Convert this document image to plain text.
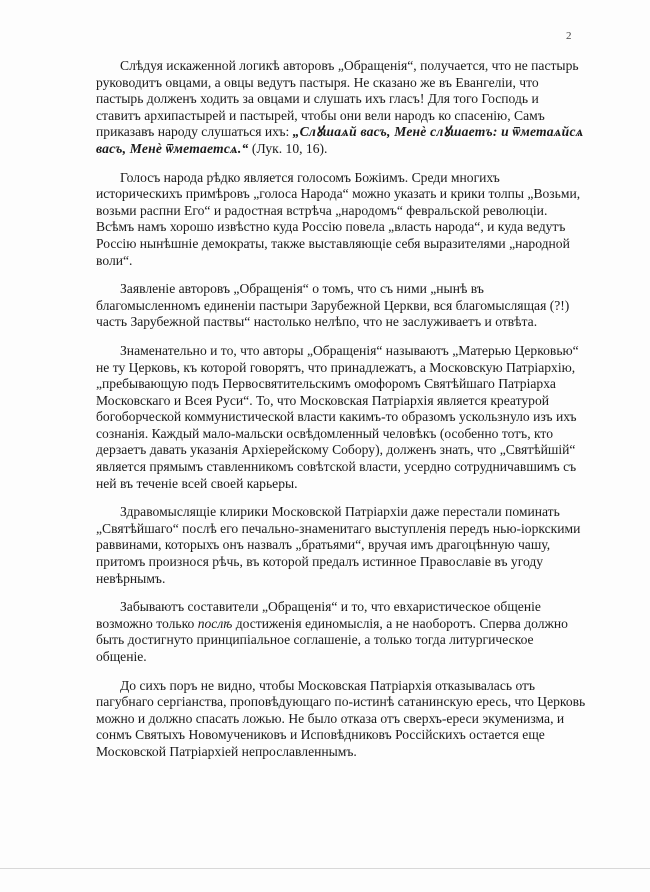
2

Слѣдуя искаженной логикѣ авторовъ „Обращенія“, получается, что не пастырь руководитъ овцами, а овцы ведутъ пастыря. Не сказано же въ Евангеліи, что пастырь долженъ ходить за овцами и слушать ихъ гласъ! Для того Господь и ставитъ архипастырей и пастырей, чтобы они вели народъ ко спасенію, Самъ приказавъ народу слушаться ихъ: „Слꙋшаѧй васъ, Менѐ слꙋшаетъ: и ѿметаѧйсѧ васъ, Менѐ ѿметаетсѧ.“ (Лук. 10, 16).

Голосъ народа рѣдко является голосомъ Божіимъ. Среди многихъ историческихъ примѣровъ „голоса Народа“ можно указать и крики толпы „Возьми, возьми распни Его“ и радостная встрѣча „народомъ“ февральской революціи. Всѣмъ намъ хорошо извѣстно куда Россію повела „власть народа“, и куда ведутъ Россію нынѣшніе демократы, также выставляющіе себя выразителями „народной воли“.

Заявленіе авторовъ „Обращенія“ о томъ, что съ ними „нынѣ въ благомысленномъ единеніи пастыри Зарубежной Церкви, вся благомыслящая (?!) часть Зарубежной паствы“ настолько нелѣпо, что не заслуживаетъ и отвѣта.

Знаменательно и то, что авторы „Обращенія“ называютъ „Матерью Церковью“ не ту Церковь, къ которой говорятъ, что принадлежатъ, а Московскую Патріархію, „пребывающую подъ Первосвятительскимъ омофоромъ Святѣйшаго Патріарха Московскаго и Всея Руси“. То, что Московская Патріархія является креатурой богоборческой коммунистической власти какимъ-то образомъ ускользнуло изъ ихъ сознанія. Каждый мало-мальски освѣдомленный человѣкъ (особенно тотъ, кто дерзаетъ давать указанія Архіерейскому Собору), долженъ знать, что „Святѣйшій“ является прямымъ ставленникомъ совѣтской власти, усердно сотрудничавшимъ съ ней въ теченіе всей своей карьеры.

Здравомыслящіе клирики Московской Патріархіи даже перестали поминать „Святѣйшаго“ послѣ его печально-знаменитаго выступленія передъ нью-іоркскими раввинами, которыхъ онъ назвалъ „братьями“, вручая имъ драгоцѣнную чашу, притомъ произнося рѣчь, въ которой предалъ истинное Православіе въ угоду невѣрнымъ.

Забываютъ составители „Обращенія“ и то, что евхаристическое общеніе возможно только послѣ достиженія единомыслія, а не наоборотъ. Сперва должно быть достигнуто принципіальное соглашеніе, а только тогда литургическое общеніе.

До сихъ поръ не видно, чтобы Московская Патріархія отказывалась отъ пагубнаго сергіанства, проповѣдующаго по-истинѣ сатанинскую ересь, что Церковь можно и должно спасать ложью. Не было отказа отъ сверхъ-ереси экуменизма, и сонмъ Святыхъ Новомучениковъ и Исповѣдниковъ Россійскихъ остается еще Московской Патріархіей непрославленнымъ.
